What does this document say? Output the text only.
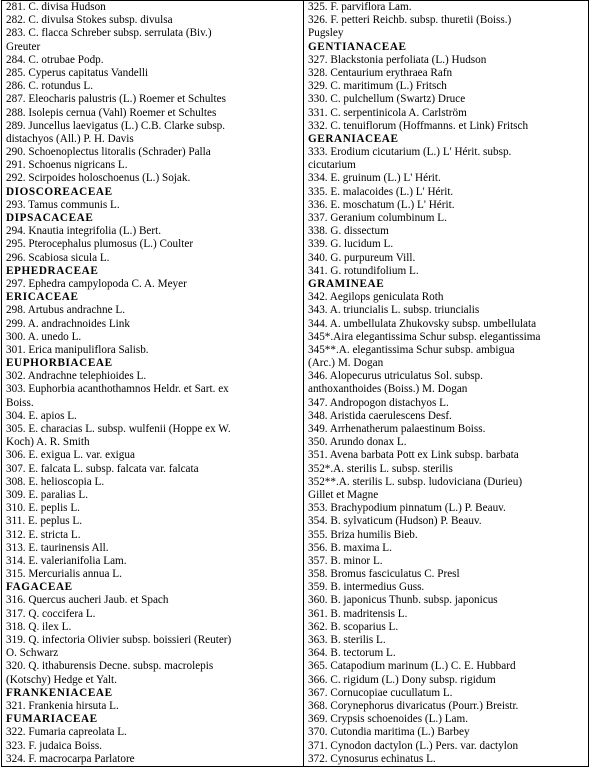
281. C. divisa Hudson
282. C. divulsa Stokes subsp. divulsa
283. C. flacca Schreber subsp. serrulata (Biv.)
Greuter
284. C. otrubae Podp.
285. Cyperus capitatus Vandelli
286. C. rotundus L.
287. Eleocharis palustris (L.) Roemer et Schultes
288. Isolepis cernua (Vahl) Roemer et Schultes
289. Juncellus laevigatus (L.) C.B. Clarke subsp.
distachyos (All.) P. H. Davis
290. Schoenoplectus litoralis (Schrader) Palla
291. Schoenus nigricans L.
292. Scirpoides holoschoenus (L.) Sojak.
DIOSCOREACEAE
293. Tamus communis L.
DIPSACACEAE
294. Knautia integrifolia (L.) Bert.
295. Pterocephalus plumosus (L.) Coulter
296. Scabiosa sicula L.
EPHEDRACEAE
297. Ephedra campylopoda C. A. Meyer
ERICACEAE
298. Artubus andrachne L.
299. A. andrachnoides Link
300. A. unedo L.
301. Erica manipuliflora Salisb.
EUPHORBIACEAE
302. Andrachne telephioides L.
303. Euphorbia acanthothamnos Heldr. et Sart. ex
Boiss.
304. E. apios L.
305. E. characias L. subsp. wulfenii (Hoppe ex W.
Koch) A. R. Smith
306. E. exigua L. var. exigua
307. E. falcata L. subsp. falcata var. falcata
308. E. helioscopia L.
309. E. paralias L.
310. E. peplis L.
311. E. peplus L.
312. E. stricta L.
313. E. taurinensis All.
314. E. valerianifolia Lam.
315. Mercurialis annua L.
FAGACEAE
316. Quercus aucheri Jaub. et Spach
317. Q. coccifera L.
318. Q. ilex L.
319. Q. infectoria Olivier subsp. boissieri (Reuter)
O. Schwarz
320. Q. ithaburensis Decne. subsp. macrolepis
(Kotschy) Hedge et Yalt.
FRANKENIACEAE
321. Frankenia hirsuta L.
FUMARIACEAE
322. Fumaria capreolata L.
323. F. judaica Boiss.
324. F. macrocarpa Parlatore

325. F. parviflora Lam.
326. F. petteri Reichb. subsp. thuretii (Boiss.)
Pugsley
GENTIANACEAE
327. Blackstonia perfoliata (L.) Hudson
328. Centaurium erythraea Rafn
329. C. maritimum (L.) Fritsch
330. C. pulchellum (Swartz) Druce
331. C. serpentinicola A. Carlström
332. C. tenuiflorum (Hoffmanns. et Link) Fritsch
GERANIACEAE
333. Erodium cicutarium (L.) L' Hérit. subsp.
cicutarium
334. E. gruinum (L.) L' Hérit.
335. E. malacoides (L.) L' Hérit.
336. E. moschatum (L.) L' Hérit.
337. Geranium columbinum L.
338. G. dissectum
339. G. lucidum L.
340. G. purpureum Vill.
341. G. rotundifolium L.
GRAMINEAE
342. Aegilops geniculata Roth
343. A. triuncialis L. subsp. triuncialis
344. A. umbellulata Zhukovsky subsp. umbellulata
345*.Aira elegantissima Schur subsp. elegantissima
345**.A. elegantissima Schur subsp. ambigua
(Arc.) M. Dogan
346. Alopecurus utriculatus Sol. subsp.
anthoxanthoides (Boiss.) M. Dogan
347. Andropogon distachyos L.
348. Aristida caerulescens Desf.
349. Arrhenatherum palaestinum Boiss.
350. Arundo donax L.
351. Avena barbata Pott ex Link subsp. barbata
352*.A. sterilis L. subsp. sterilis
352**.A. sterilis L. subsp. ludoviciana (Durieu)
Gillet et Magne
353. Brachypodium pinnatum (L.) P. Beauv.
354. B. sylvaticum (Hudson) P. Beauv.
355. Briza humilis Bieb.
356. B. maxima L.
357. B. minor L.
358. Bromus fasciculatus C. Presl
359. B. intermedius Guss.
360. B. japonicus Thunb. subsp. japonicus
361. B. madritensis L.
362. B. scoparius L.
363. B. sterilis L.
364. B. tectorum L.
365. Catapodium marinum (L.) C. E. Hubbard
366. C. rigidum (L.) Dony subsp. rigidum
367. Cornucopiae cucullatum L.
368. Corynephorus divaricatus (Pourr.) Breistr.
369. Crypsis schoenoides (L.) Lam.
370. Cutondia maritima (L.) Barbey
371. Cynodon dactylon (L.) Pers. var. dactylon
372. Cynosurus echinatus L.
